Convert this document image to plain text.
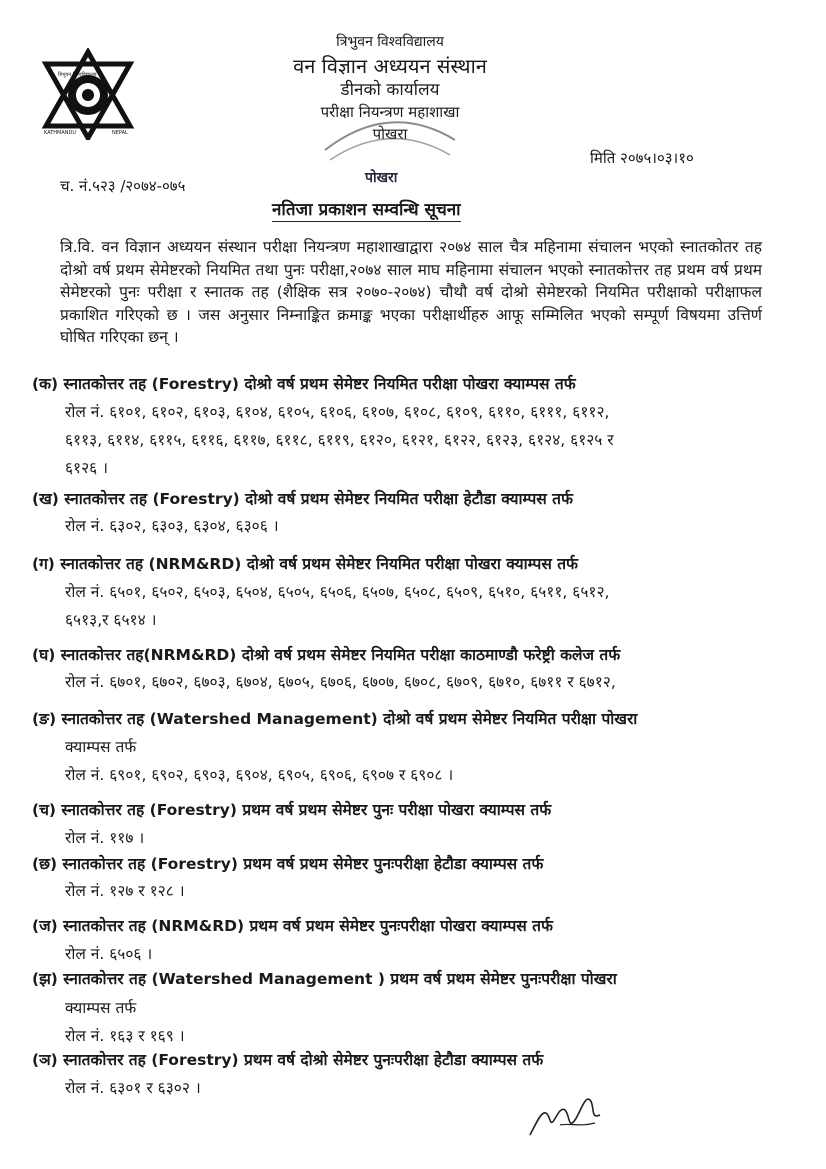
त्रिभुवन विश्वविद्यालय
KATHMANDU	NEPAL
त्रिभुवन विश्वविद्यालय
वन विज्ञान अध्ययन संस्थान
डीनको कार्यालय
परीक्षा नियन्त्रण महाशाखा
पोखरा
पोखरा
मिति २०७५।०३।१०
च. नं.५२३ /२०७४-०७५
नतिजा प्रकाशन सम्वन्धि सूचना
त्रि.वि. वन विज्ञान अध्ययन संस्थान परीक्षा नियन्त्रण महाशाखाद्वारा २०७४ साल चैत्र महिनामा संचालन भएको स्नातकोतर तह दोश्रो वर्ष प्रथम सेमेष्टरको नियमित तथा पुनः परीक्षा,२०७४ साल माघ महिनामा संचालन भएको स्नातकोत्तर तह प्रथम वर्ष प्रथम सेमेष्टरको पुनः परीक्षा र स्नातक तह (शैक्षिक सत्र २०७०-२०७४) चौथौ वर्ष दोश्रो सेमेष्टरको नियमित परीक्षाको परीक्षाफल प्रकाशित गरिएको छ । जस अनुसार निम्नाङ्कित क्रमाङ्क भएका परीक्षार्थीहरु आफू सम्मिलित भएको सम्पूर्ण विषयमा उत्तिर्ण घोषित गरिएका छन् ।
(क) स्नातकोत्तर तह (Forestry) दोश्रो वर्ष प्रथम सेमेष्टर नियमित परीक्षा पोखरा क्याम्पस तर्फ
रोल नं. ६१०१, ६१०२, ६१०३, ६१०४, ६१०५, ६१०६, ६१०७, ६१०८, ६१०९, ६११०, ६१११, ६११२,
६११३, ६११४, ६११५, ६११६, ६११७, ६११८, ६११९, ६१२०, ६१२१, ६१२२, ६१२३, ६१२४, ६१२५ र
६१२६ ।
(ख) स्नातकोत्तर तह (Forestry) दोश्रो वर्ष प्रथम सेमेष्टर नियमित परीक्षा हेटौडा क्याम्पस तर्फ
रोल नं. ६३०२, ६३०३, ६३०४, ६३०६ ।
(ग) स्नातकोत्तर तह (NRM&RD) दोश्रो वर्ष प्रथम सेमेष्टर नियमित परीक्षा पोखरा क्याम्पस तर्फ
रोल नं. ६५०१, ६५०२, ६५०३, ६५०४, ६५०५, ६५०६, ६५०७, ६५०८, ६५०९, ६५१०, ६५११, ६५१२,
६५१३,र ६५१४ ।
(घ) स्नातकोत्तर तह(NRM&RD) दोश्रो वर्ष प्रथम सेमेष्टर नियमित परीक्षा काठमाण्डौ फरेष्ट्री कलेज तर्फ
रोल नं. ६७०१, ६७०२, ६७०३, ६७०४, ६७०५, ६७०६, ६७०७, ६७०८, ६७०९, ६७१०, ६७११ र ६७१२,
(ङ) स्नातकोत्तर तह (Watershed Management) दोश्रो वर्ष प्रथम सेमेष्टर नियमित परीक्षा पोखरा
क्याम्पस तर्फ
रोल नं. ६९०१, ६९०२, ६९०३, ६९०४, ६९०५, ६९०६, ६९०७ र ६९०८ ।
(च) स्नातकोत्तर तह (Forestry) प्रथम वर्ष प्रथम सेमेष्टर पुनः परीक्षा पोखरा क्याम्पस तर्फ
रोल नं. ११७ ।
(छ) स्नातकोत्तर तह (Forestry) प्रथम वर्ष प्रथम सेमेष्टर पुनःपरीक्षा हेटौडा क्याम्पस तर्फ
रोल नं. १२७ र १२८ ।
(ज) स्नातकोत्तर तह (NRM&RD) प्रथम वर्ष प्रथम सेमेष्टर पुनःपरीक्षा पोखरा क्याम्पस तर्फ
रोल नं. ६५०६ ।
(झ) स्नातकोत्तर तह (Watershed Management ) प्रथम वर्ष प्रथम सेमेष्टर पुनःपरीक्षा पोखरा
क्याम्पस तर्फ
रोल नं. १६३ र १६९ ।
(ञ) स्नातकोत्तर तह (Forestry) प्रथम वर्ष दोश्रो सेमेष्टर पुनःपरीक्षा हेटौडा क्याम्पस तर्फ
रोल नं. ६३०१ र ६३०२ ।
